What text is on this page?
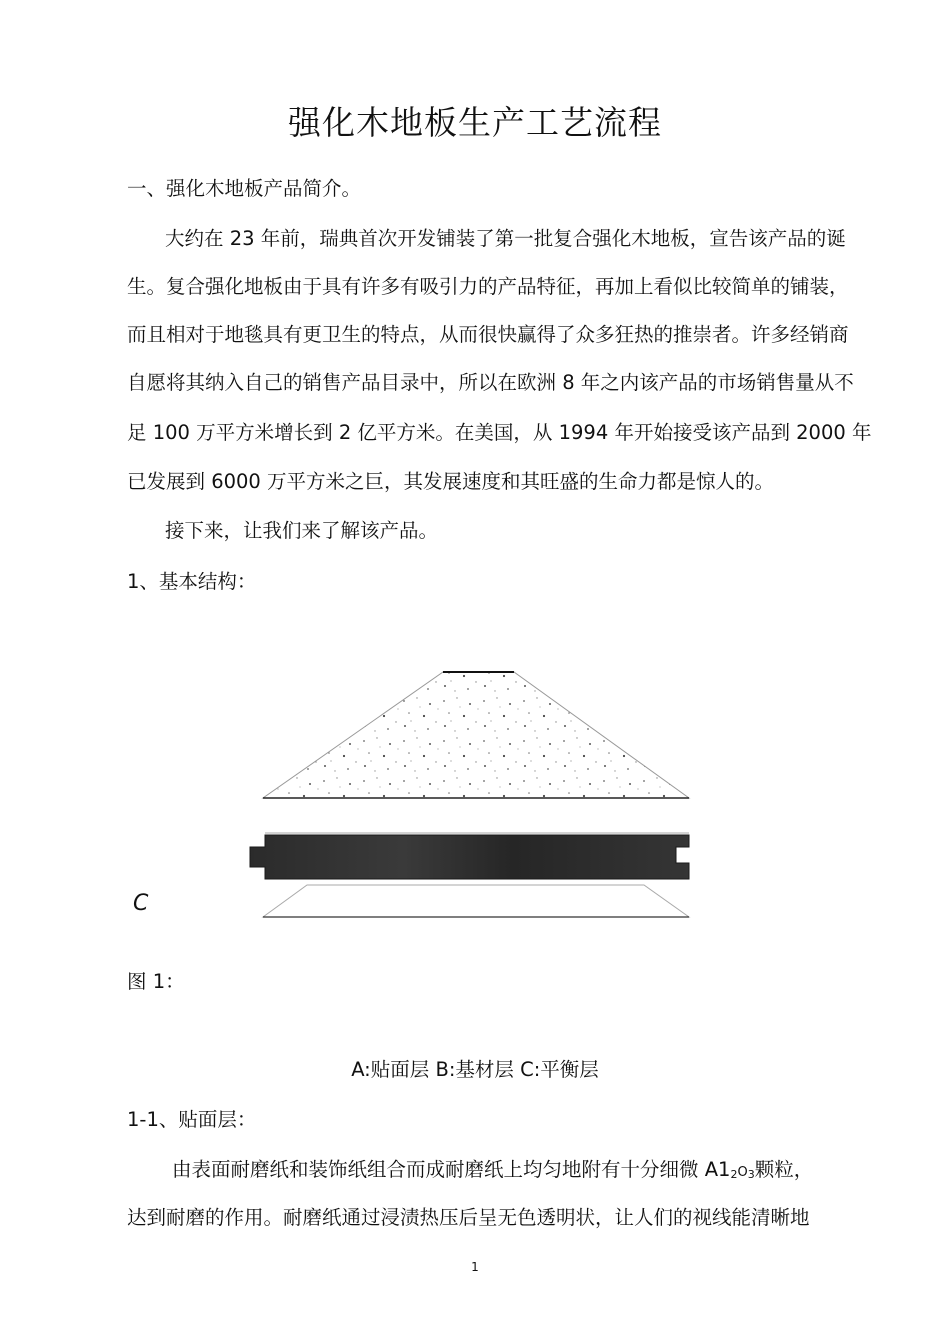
强化木地板生产工艺流程
一、强化木地板产品简介。
大约在 23 年前，瑞典首次开发铺装了第一批复合强化木地板，宣告该产品的诞
生。复合强化地板由于具有许多有吸引力的产品特征，再加上看似比较简单的铺装，
而且相对于地毯具有更卫生的特点，从而很快赢得了众多狂热的推崇者。许多经销商
自愿将其纳入自己的销售产品目录中，所以在欧洲 8 年之内该产品的市场销售量从不
足 100 万平方米增长到 2 亿平方米。在美国，从 1994 年开始接受该产品到 2000 年
已发展到 6000 万平方米之巨，其发展速度和其旺盛的生命力都是惊人的。
接下来，让我们来了解该产品。
1、基本结构：
C
图 1：
A:贴面层 B:基材层 C:平衡层
1-1、贴面层：
由表面耐磨纸和装饰纸组合而成耐磨纸上均匀地附有十分细微 $A1_2O_3$颗粒，
达到耐磨的作用。耐磨纸通过浸渍热压后呈无色透明状，让人们的视线能清晰地
1
